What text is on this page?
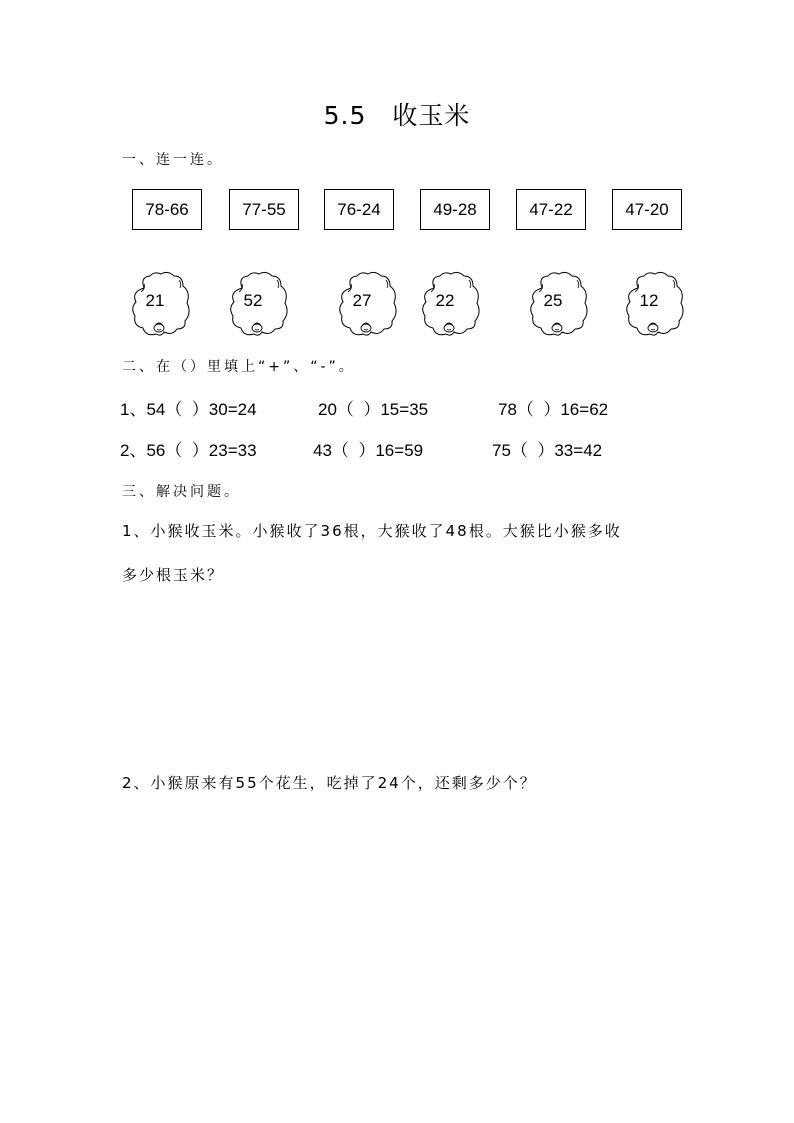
5.5 收玉米
一、连一连。
78-66	77-55	76-24	49-28	47-22	47-20
21	52	27	22	25	12
二、在（）里填上“+”、“-”。
1、54（  ）30=24	20（  ）15=35	78（  ）16=62
2、56（  ）23=33	43（  ）16=59	75（  ）33=42
三、解决问题。
1、小猴收玉米。小猴收了36根，大猴收了48根。大猴比小猴多收
多少根玉米？
2、小猴原来有55个花生，吃掉了24个，还剩多少个？
